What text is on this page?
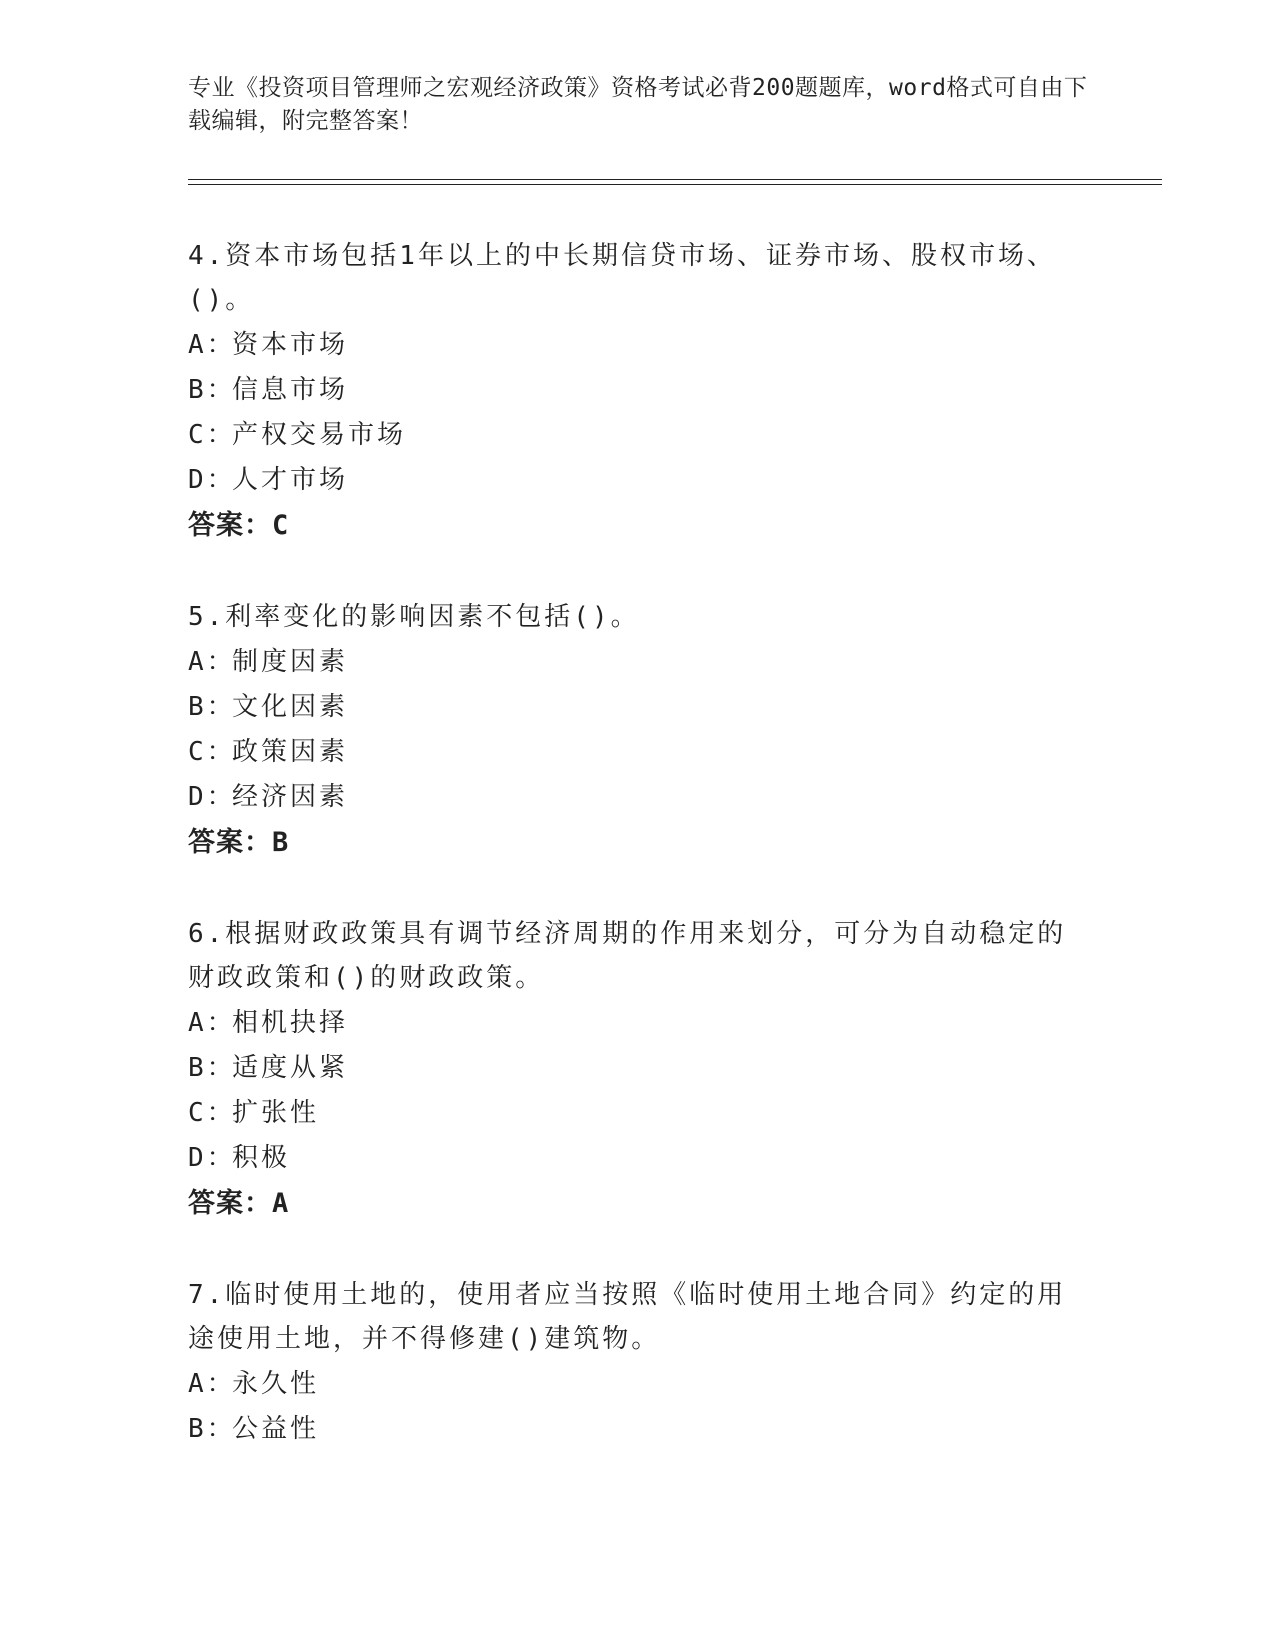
专业《投资项目管理师之宏观经济政策》资格考试必背200题题库，word格式可自由下载编辑，附完整答案！
4.资本市场包括1年以上的中长期信贷市场、证券市场、股权市场、()。
A：资本市场
B：信息市场
C：产权交易市场
D：人才市场
答案：C
5.利率变化的影响因素不包括()。
A：制度因素
B：文化因素
C：政策因素
D：经济因素
答案：B
6.根据财政政策具有调节经济周期的作用来划分，可分为自动稳定的财政政策和()的财政政策。
A：相机抉择
B：适度从紧
C：扩张性
D：积极
答案：A
7.临时使用土地的，使用者应当按照《临时使用土地合同》约定的用途使用土地，并不得修建()建筑物。
A：永久性
B：公益性
